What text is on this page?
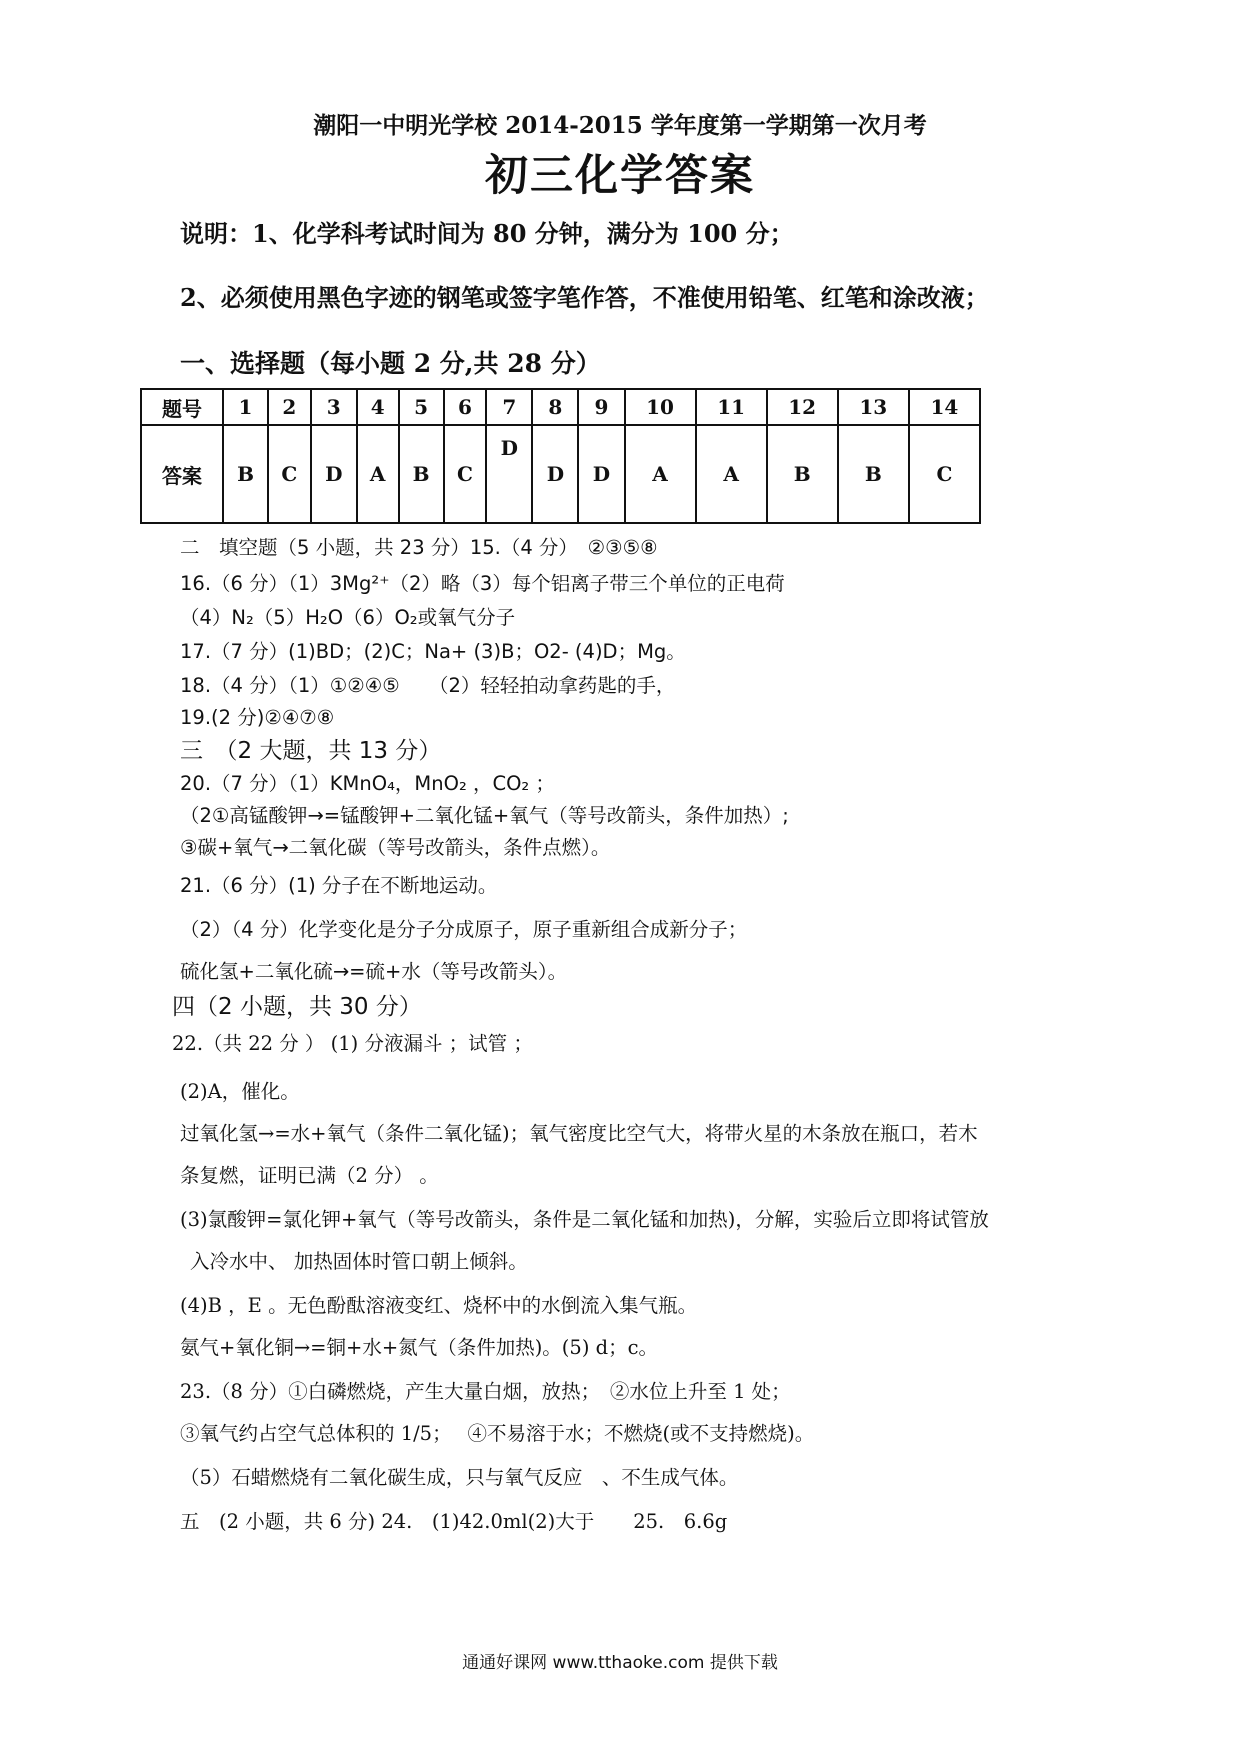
潮阳一中明光学校 2014-2015 学年度第一学期第一次月考
初三化学答案
说明：1、化学科考试时间为 80 分钟，满分为 100 分；
2、必须使用黑色字迹的钢笔或签字笔作答，不准使用铅笔、红笔和涂改液；
一、选择题（每小题 2 分,共 28 分）
题号	1	2	3	4	5	6	7	8	9	10	11	12	13	14
答案	B	C	D	A	B	C	D	D	D	A	A	B	B	C
二　填空题（5 小题，共 23 分）15.（4 分）　②③⑤⑧
16.（6 分）（1）3Mg²⁺（2）略（3）每个铝离子带三个单位的正电荷
（4）N₂（5）H₂O（6）O₂或氧气分子
17.（7 分）(1)BD；(2)C；Na+ (3)B；O2- (4)D；Mg。
18.（4 分）（1）①②④⑤　　（2）轻轻拍动拿药匙的手，
19.(2 分)②④⑦⑧
三　（2 大题，共 13 分）
20.（7 分）（1）KMnO₄，MnO₂ ，CO₂ ；
（2①高锰酸钾→=锰酸钾+二氧化锰+氧气（等号改箭头，条件加热）;
③碳+氧气→二氧化碳（等号改箭头，条件点燃）。
21.（6 分）(1) 分子在不断地运动。
（2）（4 分）化学变化是分子分成原子，原子重新组合成新分子；
硫化氢+二氧化硫→=硫+水（等号改箭头）。
四（2 小题，共 30 分）
22.（共 22 分 ） (1) 分液漏斗 ；试管 ；
(2)A，催化。
过氧化氢→=水+氧气（条件二氧化锰)；氧气密度比空气大，将带火星的木条放在瓶口，若木
条复燃，证明已满（2 分） 。
(3)氯酸钾=氯化钾+氧气（等号改箭头，条件是二氧化锰和加热)，分解，实验后立即将试管放
入冷水中、 加热固体时管口朝上倾斜。
(4)B ，E 。无色酚酞溶液变红、烧杯中的水倒流入集气瓶。
氨气+氧化铜→=铜+水+氮气（条件加热)。(5) d；c。
23.（8 分）①白磷燃烧，产生大量白烟，放热；　②水位上升至 1 处；
③氧气约占空气总体积的 1/5；　 ④不易溶于水；不燃烧(或不支持燃烧)。
（5）石蜡燃烧有二氧化碳生成，只与氧气反应　、不生成气体。
五　(2 小题，共 6 分) 24.　(1)42.0ml(2)大于　　25.　6.6g
通通好课网 www.tthaoke.com 提供下载
